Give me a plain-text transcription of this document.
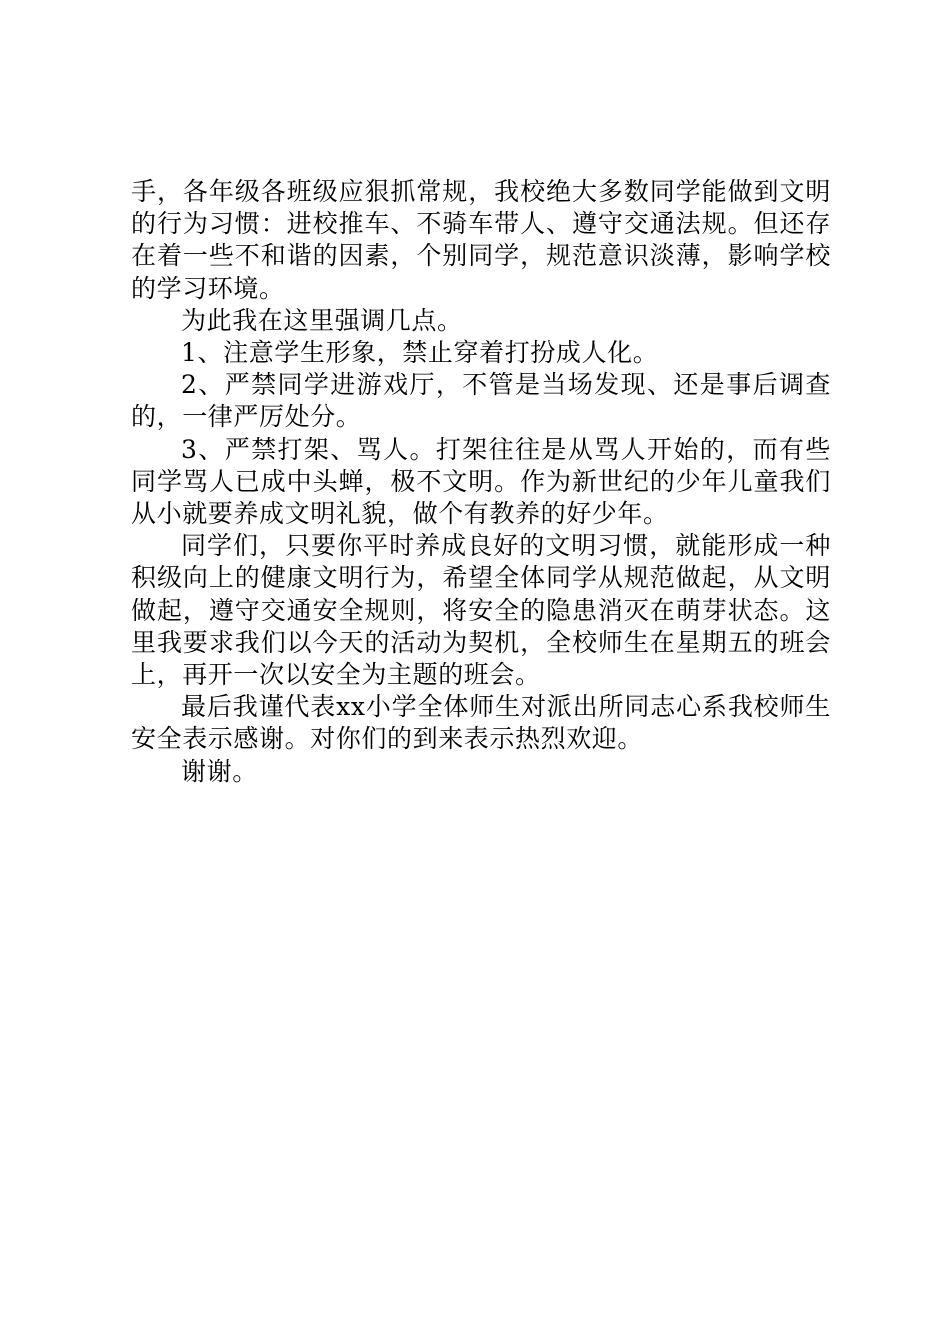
手，各年级各班级应狠抓常规，我校绝大多数同学能做到文明的行为习惯：进校推车、不骑车带人、遵守交通法规。但还存在着一些不和谐的因素，个别同学，规范意识淡薄，影响学校的学习环境。

为此我在这里强调几点。

1、注意学生形象，禁止穿着打扮成人化。

2、严禁同学进游戏厅，不管是当场发现、还是事后调查的，一律严厉处分。

3、严禁打架、骂人。打架往往是从骂人开始的，而有些同学骂人已成中头蝉，极不文明。作为新世纪的少年儿童我们从小就要养成文明礼貌，做个有教养的好少年。

同学们，只要你平时养成良好的文明习惯，就能形成一种积级向上的健康文明行为，希望全体同学从规范做起，从文明做起，遵守交通安全规则，将安全的隐患消灭在萌芽状态。这里我要求我们以今天的活动为契机，全校师生在星期五的班会上，再开一次以安全为主题的班会。

最后我谨代表xx小学全体师生对派出所同志心系我校师生安全表示感谢。对你们的到来表示热烈欢迎。

谢谢。
